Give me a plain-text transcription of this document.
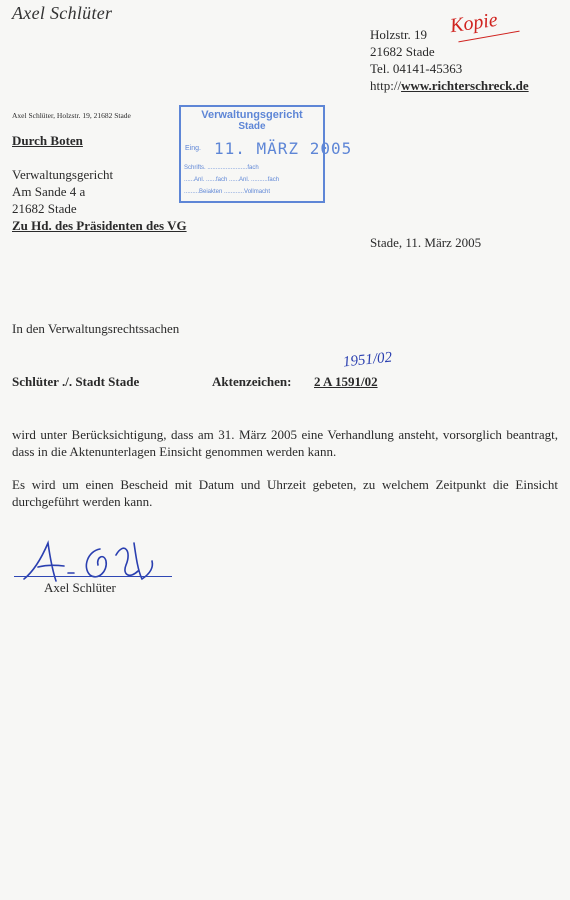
Axel Schlüter	Kopie
Holzstr. 19
21682 Stade
Tel. 04141-45363
http://www.richterschreck.de
Axel Schlüter, Holzstr. 19, 21682 Stade	Verwaltungsgericht
Stade
Eing. 11. MÄRZ 2005
Schrifts. ........................fach
......Anl. ......fach ......Anl. ..........fach
.........Beiakten ............Vollmacht
Durch Boten
Verwaltungsgericht
Am Sande 4 a
21682 Stade
Zu Hd. des Präsidenten des VG
Stade, 11. März 2005
In den Verwaltungsrechtssachen
Schlüter ./. Stadt Stade	Aktenzeichen:
1951/02
2 A 1591/02
wird unter Berücksichtigung, dass am 31. März 2005 eine Verhandlung ansteht, vorsorglich beantragt, dass in die Aktenunterlagen Einsicht genommen werden kann.
Es wird um einen Bescheid mit Datum und Uhrzeit gebeten, zu welchem Zeitpunkt die Einsicht durchgeführt werden kann.
Axel Schlüter
